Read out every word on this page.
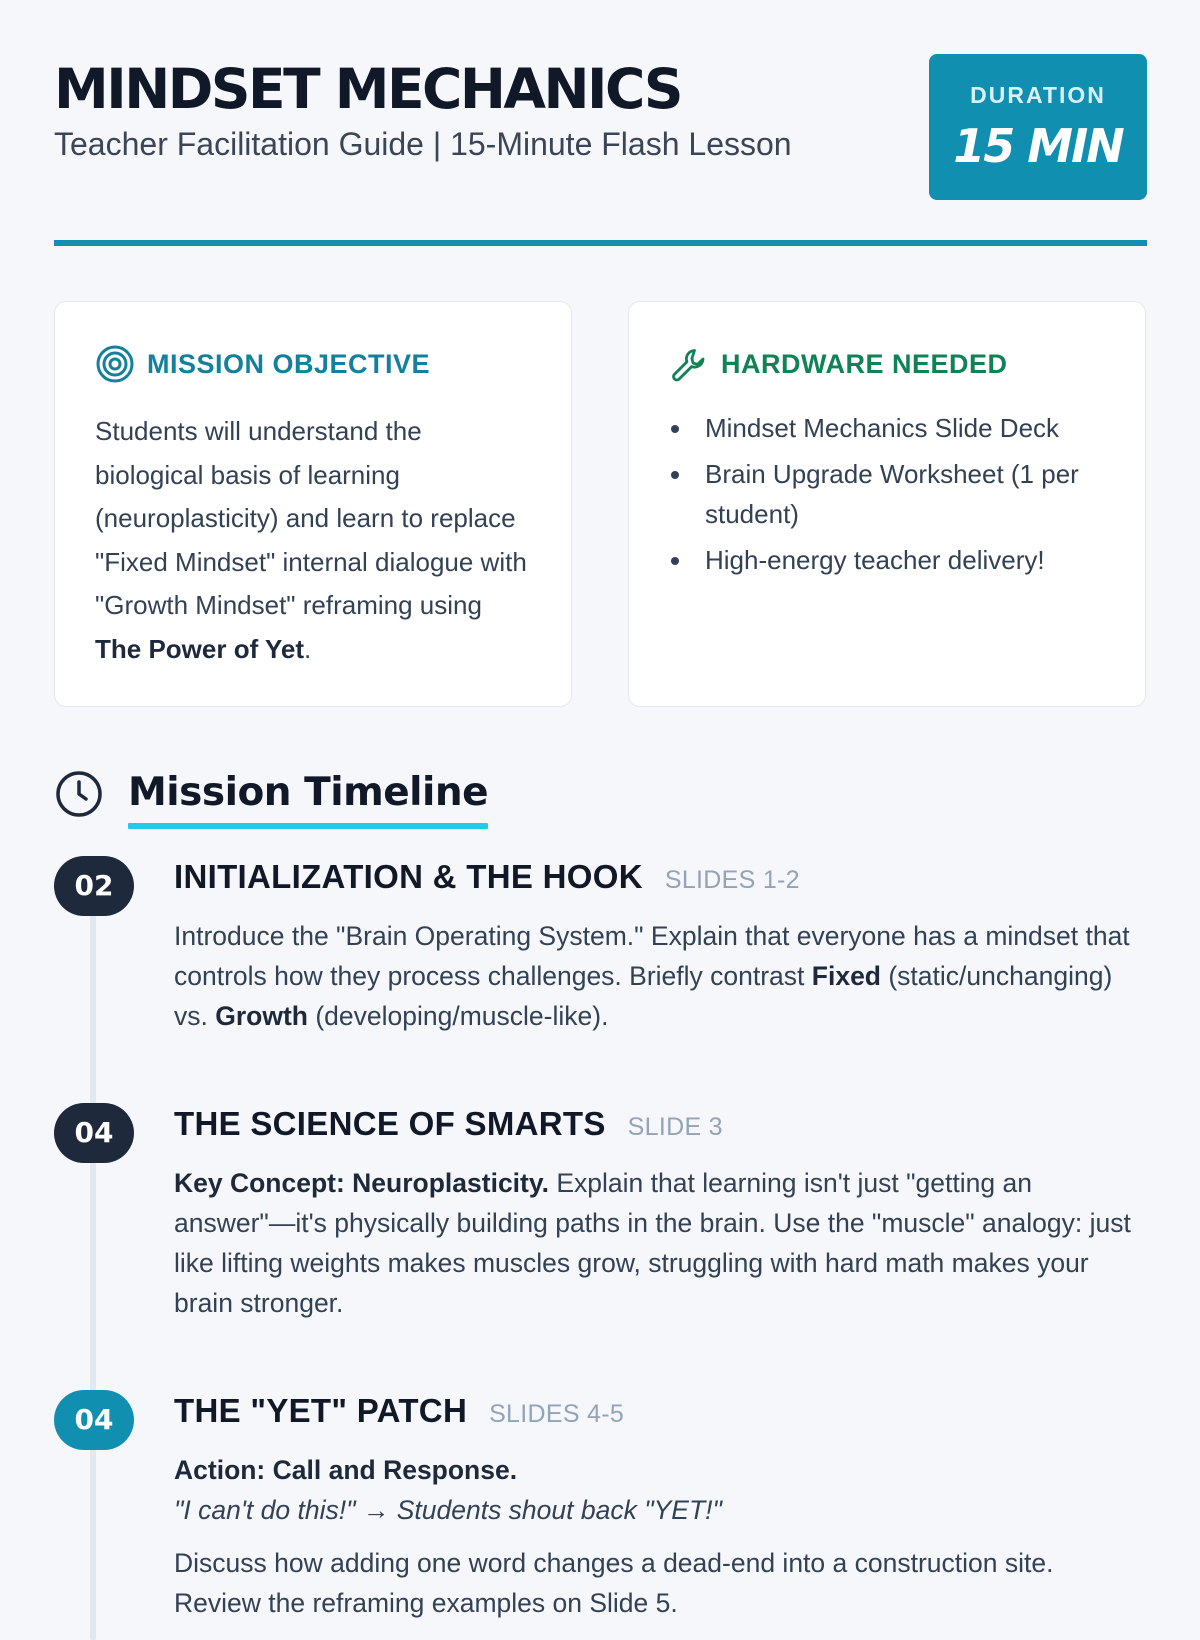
MINDSET MECHANICS

Teacher Facilitation Guide | 15-Minute Flash Lesson

DURATION
15 MIN
MISSION OBJECTIVE

Students will understand the biological basis of learning (neuroplasticity) and learn to replace "Fixed Mindset" internal dialogue with "Growth Mindset" reframing using The Power of Yet.

HARDWARE NEEDED
Mindset Mechanics Slide Deck
Brain Upgrade Worksheet (1 per student)
High-energy teacher delivery!
Mission Timeline
02	INITIALIZATION & THE HOOK SLIDES 1-2

Introduce the "Brain Operating System." Explain that everyone has a mindset that controls how they process challenges. Briefly contrast Fixed (static/unchanging) vs. Growth (developing/muscle-like).

04	THE SCIENCE OF SMARTS SLIDE 3

Key Concept: Neuroplasticity. Explain that learning isn't just "getting an answer"—it's physically building paths in the brain. Use the "muscle" analogy: just like lifting weights makes muscles grow, struggling with hard math makes your brain stronger.

04	THE "YET" PATCH SLIDES 4-5

Action: Call and Response.

"I can't do this!" → Students shout back "YET!"

Discuss how adding one word changes a dead-end into a construction site. Review the reframing examples on Slide 5.
